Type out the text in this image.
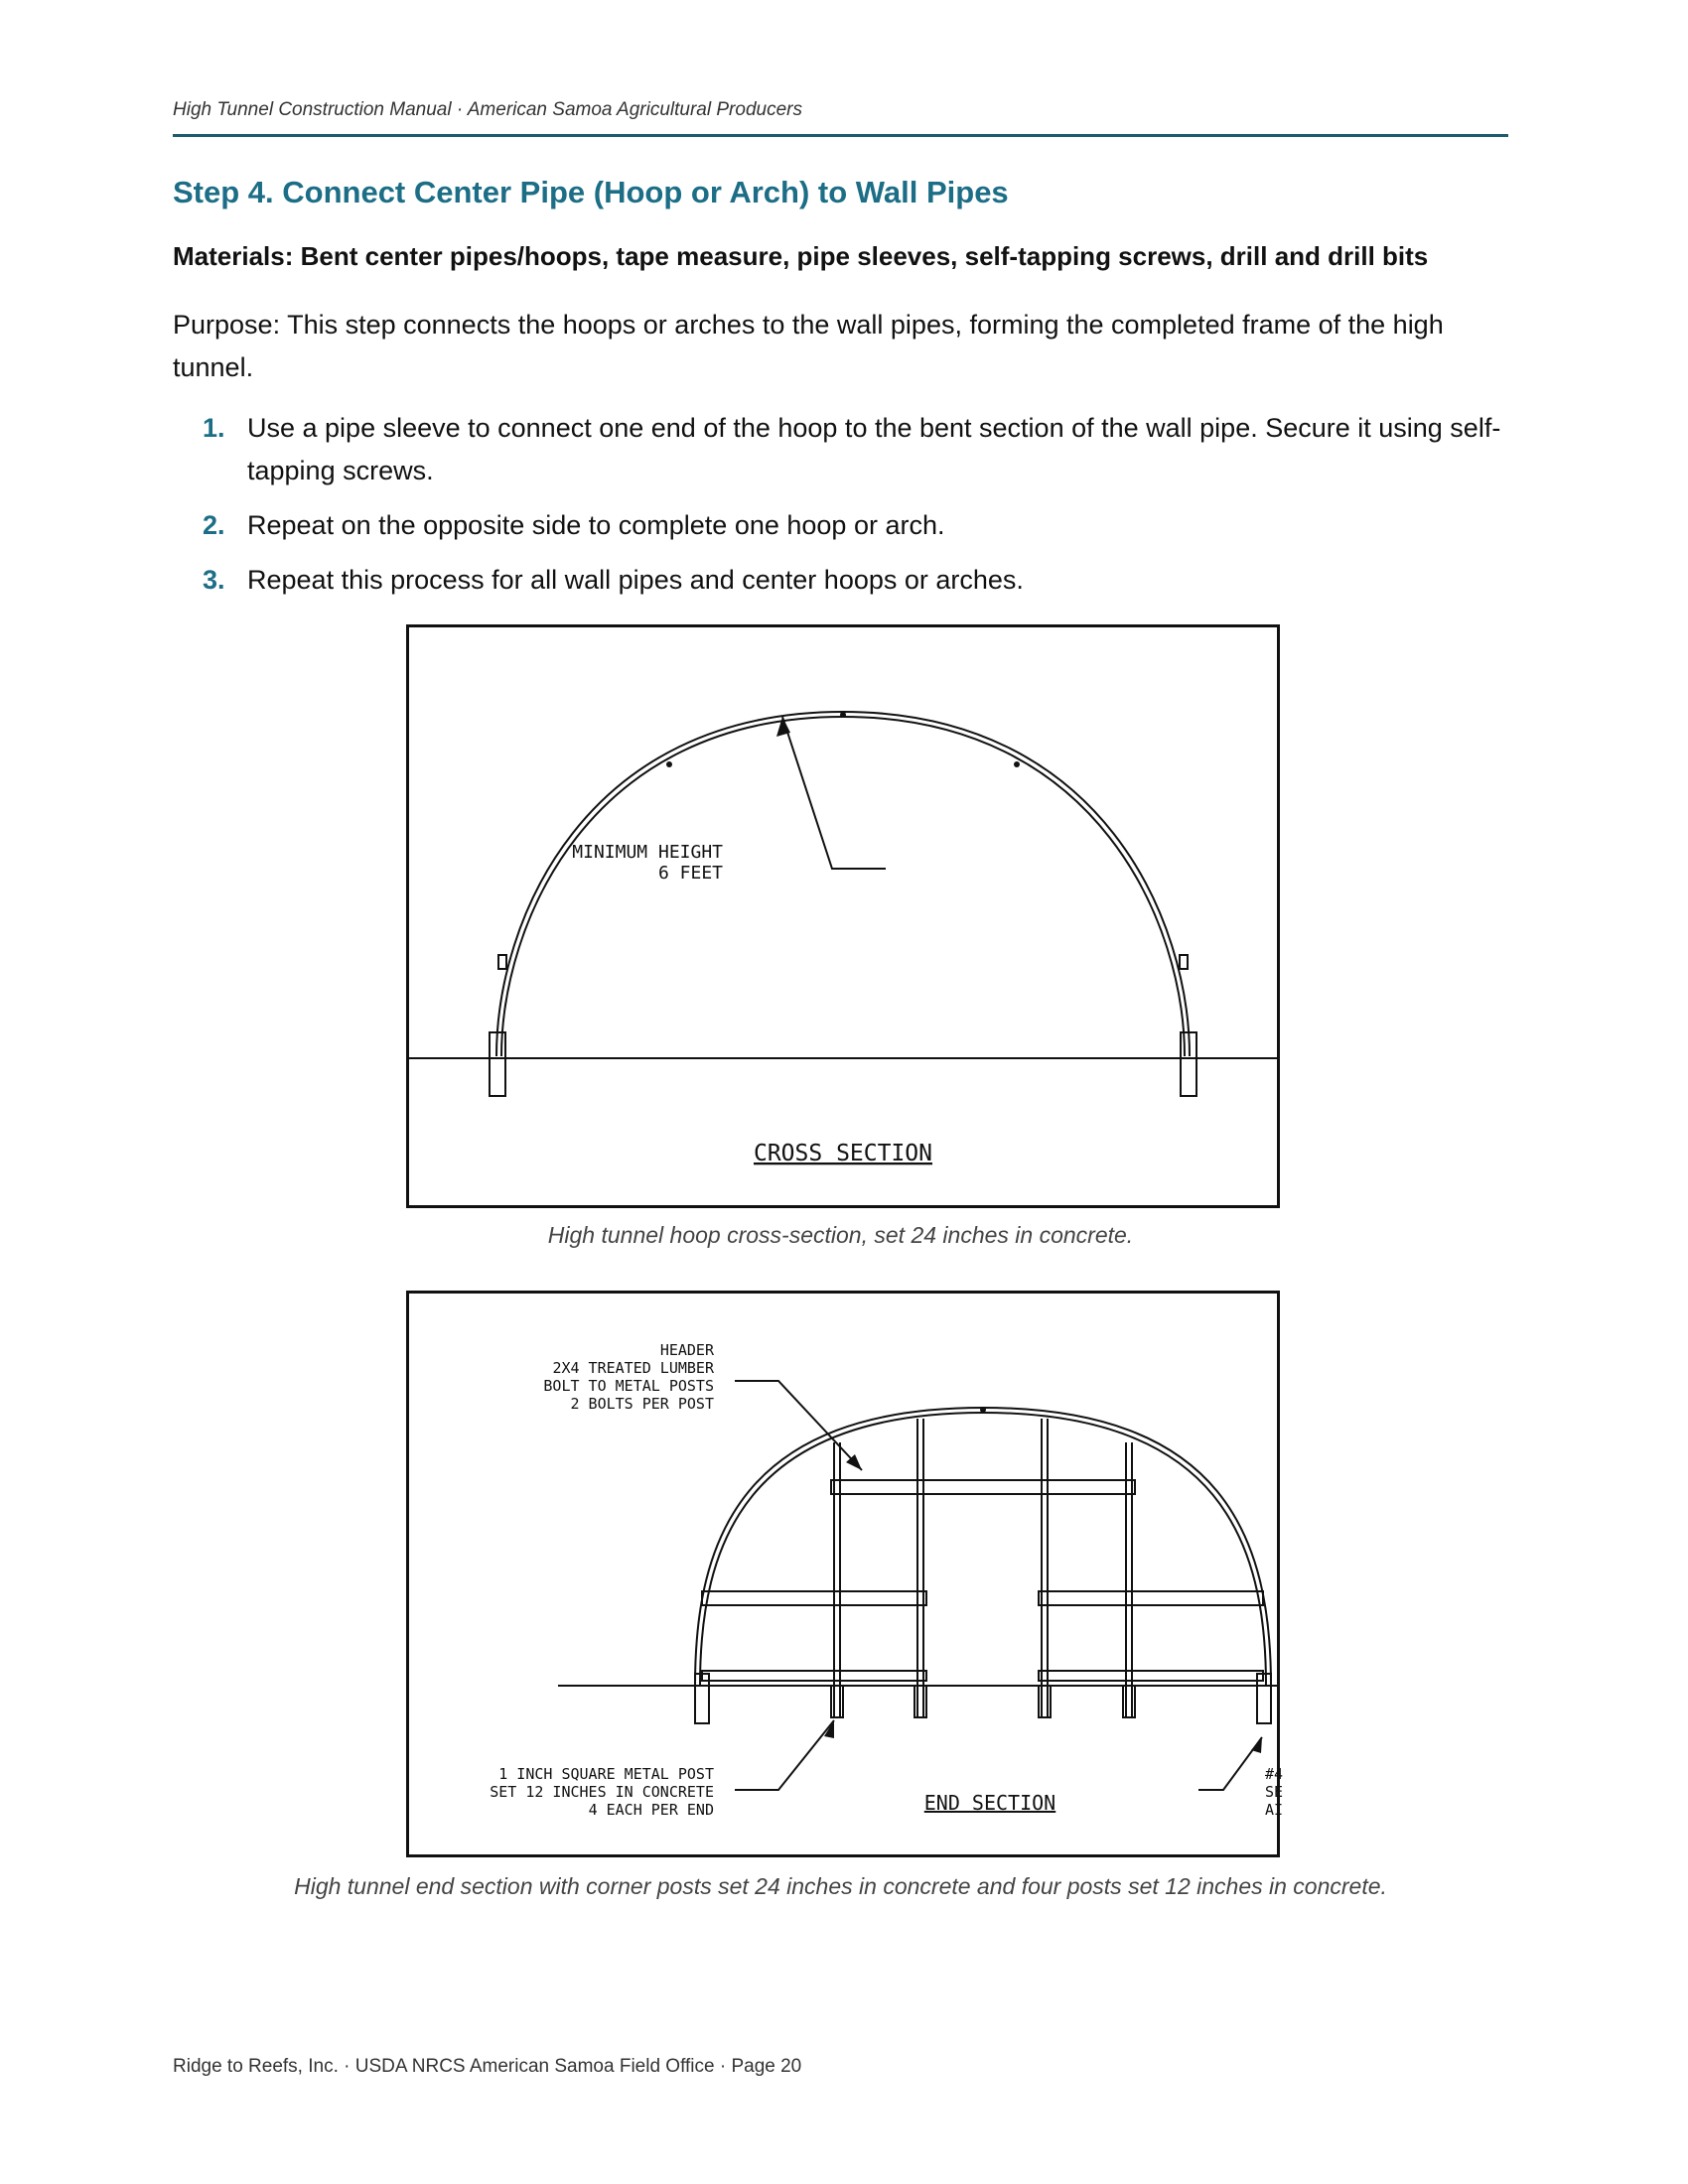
High Tunnel Construction Manual · American Samoa Agricultural Producers
Step 4. Connect Center Pipe (Hoop or Arch) to Wall Pipes

Materials: Bent center pipes/hoops, tape measure, pipe sleeves, self-tapping screws, drill and drill bits

Purpose: This step connects the hoops or arches to the wall pipes, forming the completed frame of the high tunnel.

1. Use a pipe sleeve to connect one end of the hoop to the bent section of the wall pipe. Secure it using self-tapping screws.
2. Repeat on the opposite side to complete one hoop or arch.
3. Repeat this process for all wall pipes and center hoops or arches.
MINIMUM HEIGHT
6 FEET
CROSS SECTION
High tunnel hoop cross-section, set 24 inches in concrete.
HEADER
2X4 TREATED LUMBER
BOLT TO METAL POSTS
2 BOLTS PER POST
1 INCH SQUARE METAL POST
SET 12 INCHES IN CONCRETE
4 EACH PER END
#4
SE
AI
END SECTION
High tunnel end section with corner posts set 24 inches in concrete and four posts set 12 inches in concrete.
Ridge to Reefs, Inc. · USDA NRCS American Samoa Field Office · Page 20
